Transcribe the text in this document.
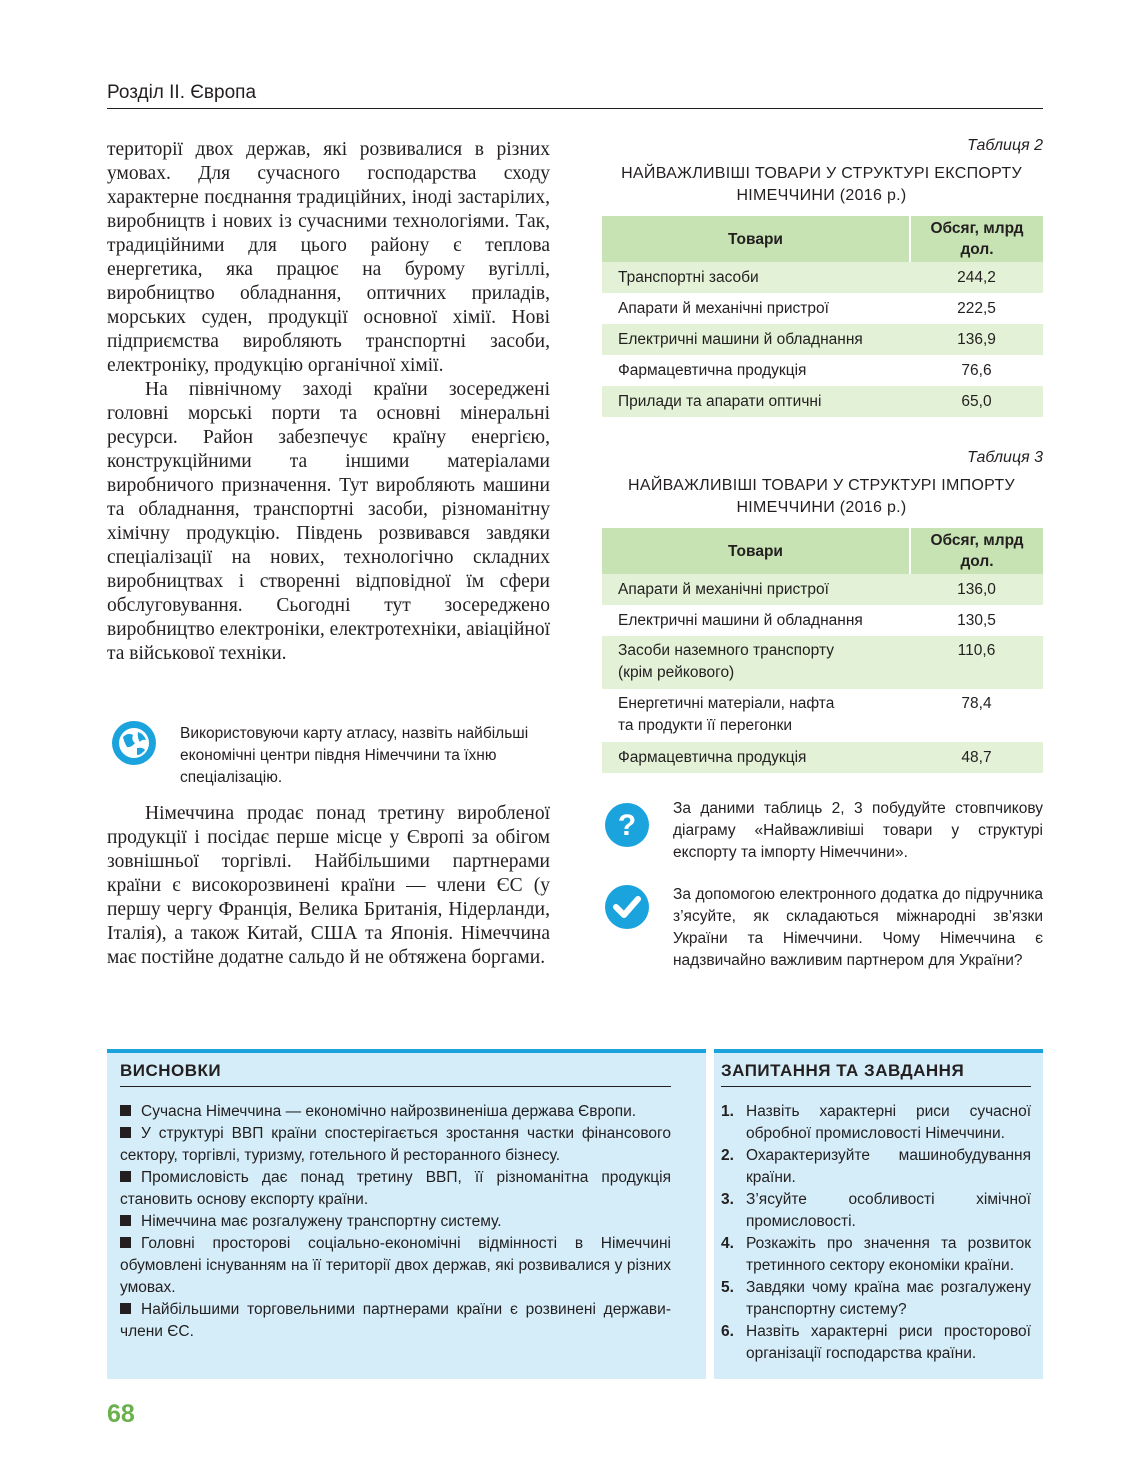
Розділ ІІ. Європа

території двох держав, які розвивалися в різних умовах. Для сучасного господарства сходу характерне поєднання традиційних, іноді застарілих, виробництв і нових із сучасними технологіями. Так, традиційними для цього району є теплова енергетика, яка працює на бурому вугіллі, виробництво обладнання, оптичних приладів, морських суден, продукції основної хімії. Нові підприємства виробляють транспортні засоби, електроніку, продукцію органічної хімії.

На північному заході країни зосереджені головні морські порти та основні мінеральні ресурси. Район забезпечує країну енергією, конструкційними та іншими матеріалами виробничого призначення. Тут виробляють машини та обладнання, транспортні засоби, різноманітну хімічну продукцію. Південь розвивався завдяки спеціалізації на нових, технологічно складних виробництвах і створенні відповідної їм сфери обслуговування. Сьогодні тут зосереджено виробництво електроніки, електротехніки, авіаційної та військової техніки.

Використовуючи карту атласу, назвіть найбільші економічні центри півдня Німеччини та їхню спеціалізацію.

Німеччина продає понад третину виробленої продукції і посідає перше місце у Європі за обігом зовнішньої торгівлі. Найбільшими партнерами країни є високорозвинені країни — члени ЄС (у першу чергу Франція, Велика Британія, Нідерланди, Італія), а також Китай, США та Японія. Німеччина має постійне додатне сальдо й не обтяжена боргами.

Таблиця 2
НАЙВАЖЛИВІШІ ТОВАРИ У СТРУКТУРІ ЕКСПОРТУ НІМЕЧЧИНИ (2016 р.)
Товари	Обсяг, млрд дол.
Транспортні засоби	244,2
Апарати й механічні пристрої	222,5
Електричні машини й обладнання	136,9
Фармацевтична продукція	76,6
Прилади та апарати оптичні	65,0
Таблиця 3
НАЙВАЖЛИВІШІ ТОВАРИ У СТРУКТУРІ ІМПОРТУ НІМЕЧЧИНИ (2016 р.)
Товари	Обсяг, млрд дол.
Апарати й механічні пристрої	136,0
Електричні машини й обладнання	130,5
Засоби наземного транспорту (крім рейкового)	110,6
Енергетичні матеріали, нафта та продукти її перегонки	78,4
Фармацевтична продукція	48,7
?
За даними таблиць 2, 3 побудуйте стовпчикову діаграму «Найважливіші товари у структурі експорту та імпорту Німеччини».
За допомогою електронного додатка до підручника з’ясуйте, як складаються міжнародні зв’язки України та Німеччини. Чому Німеччина є надзвичайно важливим партнером для України?
ВИСНОВКИ
Сучасна Німеччина — економічно найрозвиненіша держава Європи.
У структурі ВВП країни спостерігається зростання частки фінансового сектору, торгівлі, туризму, готельного й ресторанного бізнесу.
Промисловість дає понад третину ВВП, її різноманітна продукція становить основу експорту країни.
Німеччина має розгалужену транспортну систему.
Головні просторові соціально-економічні відмінності в Німеччині обумовлені існуванням на її території двох держав, які розвивалися у різних умовах.
Найбільшими торговельними партнерами країни є розвинені держави-члени ЄС.
ЗАПИТАННЯ ТА ЗАВДАННЯ
1. Назвіть характерні риси сучасної обробної промисловості Німеччини.
2. Охарактеризуйте машинобудування країни.
3. З’ясуйте особливості хімічної промисловості.
4. Розкажіть про значення та розвиток третинного сектору економіки країни.
5. Завдяки чому країна має розгалужену транспортну систему?
6. Назвіть характерні риси просторової організації господарства країни.
68
